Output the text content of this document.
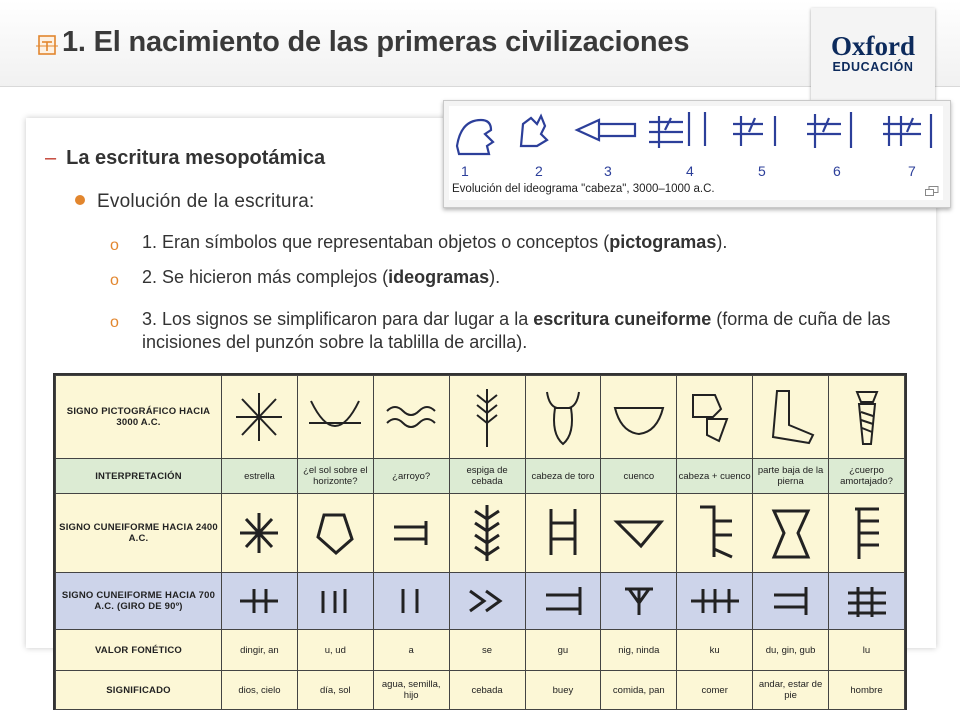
1. El nacimiento de las primeras civilizaciones	Oxford
EDUCACIÓN
1	2	3	4	5	6	7
Evolución del ideograma "cabeza", 3000–1000 a.C.
– La escritura mesopotámica
Evolución de la escritura:
o 1. Eran símbolos que representaban objetos o conceptos (pictogramas).
o 2. Se hicieron más complejos (ideogramas).
o 3. Los signos se simplificaron para dar lugar a la escritura cuneiforme (forma de cuña de las incisiones del punzón sobre la tablilla de arcilla).
SIGNO PICTOGRÁFICO HACIA 3000 A.C.	

INTERPRETACIÓN	estrella	¿el sol sobre el horizonte?	¿arroyo?	espiga de cebada	cabeza de toro	cuenco	cabeza + cuenco	parte baja de la pierna	¿cuerpo amortajado?
SIGNO CUNEIFORME HACIA 2400 A.C.	

SIGNO CUNEIFORME HACIA 700 A.C. (GIRO DE 90º)	

VALOR FONÉTICO	dingir, an	u, ud	a	se	gu	nig, ninda	ku	du, gin, gub	lu
SIGNIFICADO	dios, cielo	día, sol	agua, semilla, hijo	cebada	buey	comida, pan	comer	andar, estar de pie	hombre
